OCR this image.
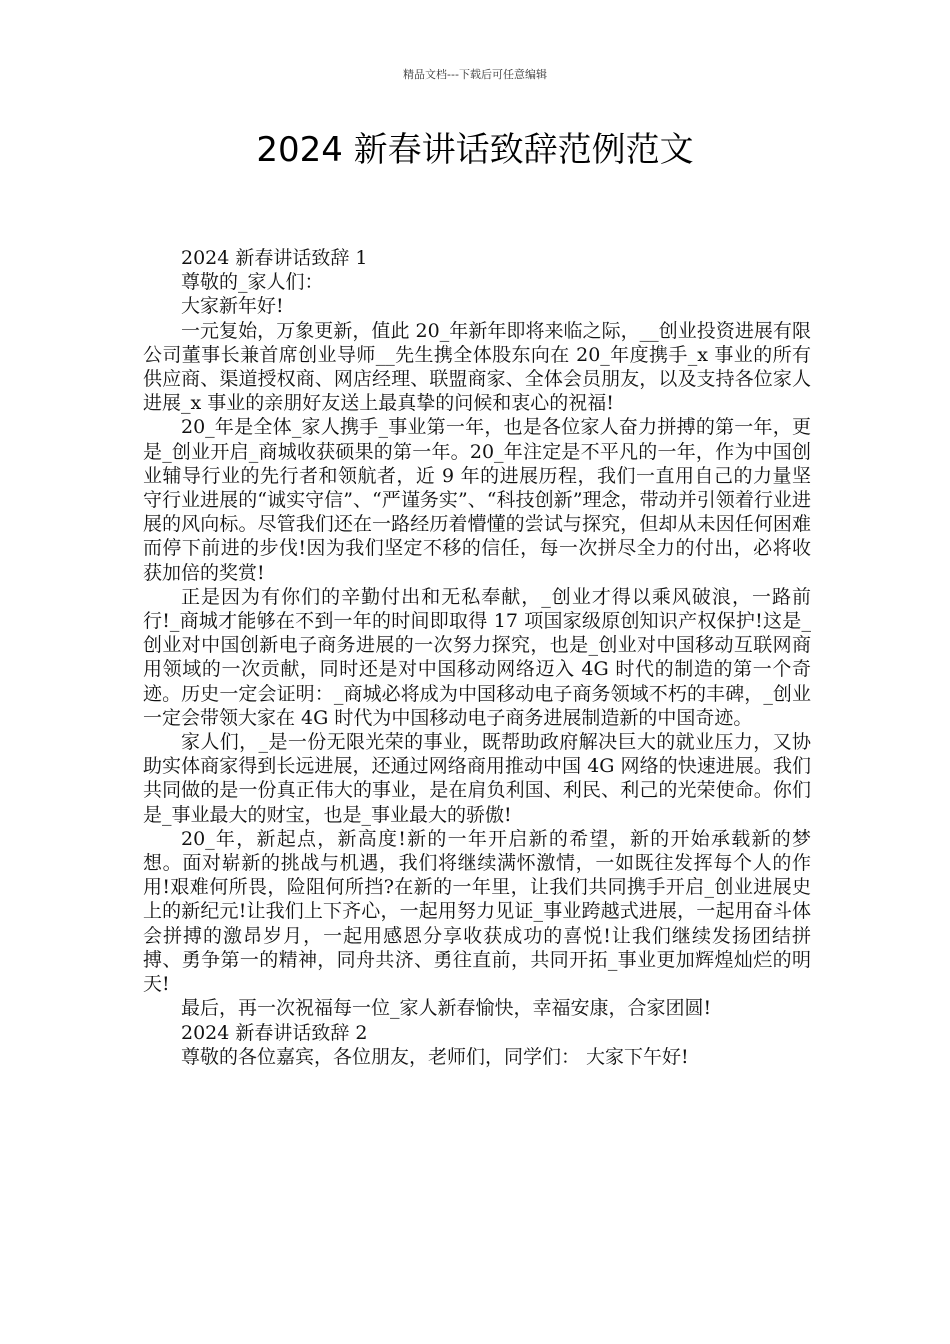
精品文档---下载后可任意编辑
2024 新春讲话致辞范例范文

2024 新春讲话致辞 1

尊敬的_家人们：

大家新年好!

一元复始，万象更新，值此 20_年新年即将来临之际，__创业投资进展有限公司董事长兼首席创业导师__先生携全体股东向在 20_年度携手_x 事业的所有供应商、渠道授权商、网店经理、联盟商家、全体会员朋友，以及支持各位家人进展_x 事业的亲朋好友送上最真挚的问候和衷心的祝福!

20_年是全体_家人携手_事业第一年，也是各位家人奋力拼搏的第一年，更是_创业开启_商城收获硕果的第一年。20_年注定是不平凡的一年，作为中国创业辅导行业的先行者和领航者，近 9 年的进展历程，我们一直用自己的力量坚守行业进展的“诚实守信”、“严谨务实”、“科技创新”理念，带动并引领着行业进展的风向标。尽管我们还在一路经历着懵懂的尝试与探究，但却从未因任何困难而停下前进的步伐!因为我们坚定不移的信任，每一次拼尽全力的付出，必将收获加倍的奖赏!

正是因为有你们的辛勤付出和无私奉献，_创业才得以乘风破浪，一路前行!_商城才能够在不到一年的时间即取得 17 项国家级原创知识产权保护!这是_创业对中国创新电子商务进展的一次努力探究，也是_创业对中国移动互联网商用领域的一次贡献，同时还是对中国移动网络迈入 4G 时代的制造的第一个奇迹。历史一定会证明：_商城必将成为中国移动电子商务领域不朽的丰碑，_创业一定会带领大家在 4G 时代为中国移动电子商务进展制造新的中国奇迹。

家人们，_是一份无限光荣的事业，既帮助政府解决巨大的就业压力，又协助实体商家得到长远进展，还通过网络商用推动中国 4G 网络的快速进展。我们共同做的是一份真正伟大的事业，是在肩负利国、利民、利己的光荣使命。你们是_事业最大的财宝，也是_事业最大的骄傲!

20_年，新起点，新高度!新的一年开启新的希望，新的开始承载新的梦想。面对崭新的挑战与机遇，我们将继续满怀激情，一如既往发挥每个人的作用!艰难何所畏，险阻何所挡?在新的一年里，让我们共同携手开启_创业进展史上的新纪元!让我们上下齐心，一起用努力见证_事业跨越式进展，一起用奋斗体会拼搏的激昂岁月，一起用感恩分享收获成功的喜悦!让我们继续发扬团结拼搏、勇争第一的精神，同舟共济、勇往直前，共同开拓_事业更加辉煌灿烂的明天!

最后，再一次祝福每一位_家人新春愉快，幸福安康，合家团圆!

2024 新春讲话致辞 2

尊敬的各位嘉宾，各位朋友，老师们，同学们： 大家下午好!
